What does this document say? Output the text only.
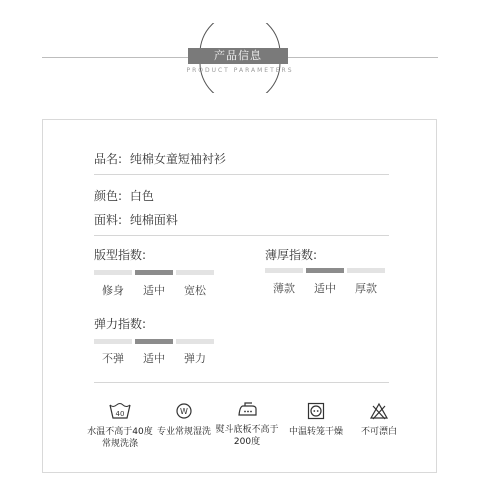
产品信息
PRODUCT PARAMETERS
品名: 纯棉女童短袖衬衫
颜色: 白色
面料: 纯棉面料
版型指数:
修身	适中	宽松
薄厚指数:
薄款	适中	厚款
弹力指数:
不弹	适中	弹力
40
水温不高于40度常规洗涤
W
专业常规湿洗 熨斗底板不高于200度
中温转笼干燥	不可漂白
